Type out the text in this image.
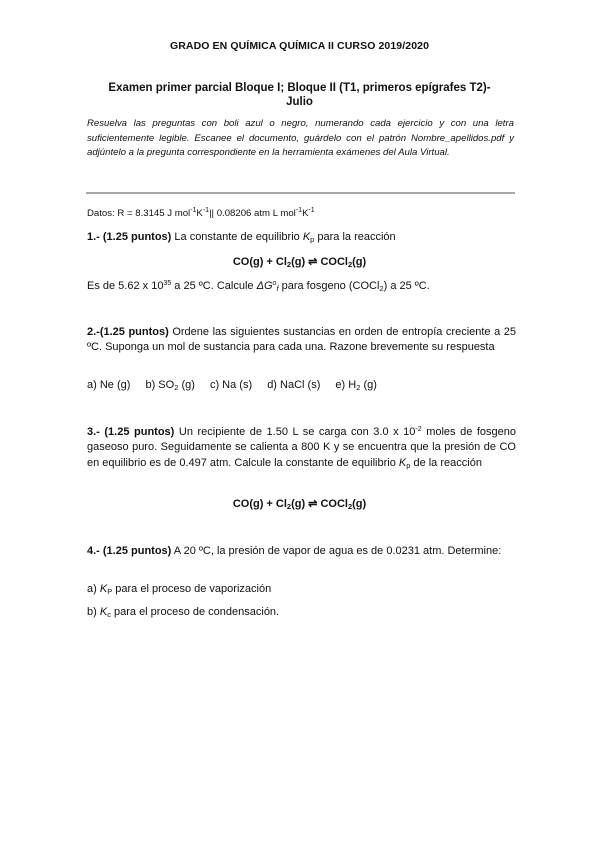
GRADO EN QUÍMICA QUÍMICA II CURSO 2019/2020
Examen primer parcial Bloque I; Bloque II (T1, primeros epígrafes T2)-
Julio
Resuelva las preguntas con boli azul o negro, numerando cada ejercicio y con una letra suficientemente legible. Escanee el documento, guárdelo con el patrón Nombre_apellidos.pdf y adjúntelo a la pregunta correspondiente en la herramienta exámenes del Aula Virtual.
Datos: R = 8.3145 J $mol^{-1}K^{-1}||$ 0.08206 atm L $mol^{-1}K^{-1}$
1.- (1.25 puntos) La constante de equilibrio $K_p$ para la reacción
$CO(g) + Cl_2(g)$ ⇌ COCl$_2$(g)
Es de 5.62 x $10^{35}$ a 25 ºC. Calcule $\Delta G^o_f$ para fosgeno (COCl$_2$) a 25 ºC.
2.-(1.25 puntos) Ordene las siguientes sustancias en orden de entropía creciente a 25 ºC. Suponga un mol de sustancia para cada una. Razone brevemente su respuesta
a) Ne (g) b) $SO_2$ (g) c) Na (s) d) NaCl (s) e) $H_2$ (g)
3.- (1.25 puntos) Un recipiente de 1.50 L se carga con 3.0 x $10^{-2}$ moles de fosgeno gaseoso puro. Seguidamente se calienta a 800 K y se encuentra que la presión de CO en equilibrio es de 0.497 atm. Calcule la constante de equilibrio $K_p$ de la reacción
$CO(g) + Cl_2(g)$ ⇌ COCl$_2$(g)
4.- (1.25 puntos) A 20 ºC, la presión de vapor de agua es de 0.0231 atm. Determine:
a) $K_P$ para el proceso de vaporización
b) $K_c$ para el proceso de condensación.
